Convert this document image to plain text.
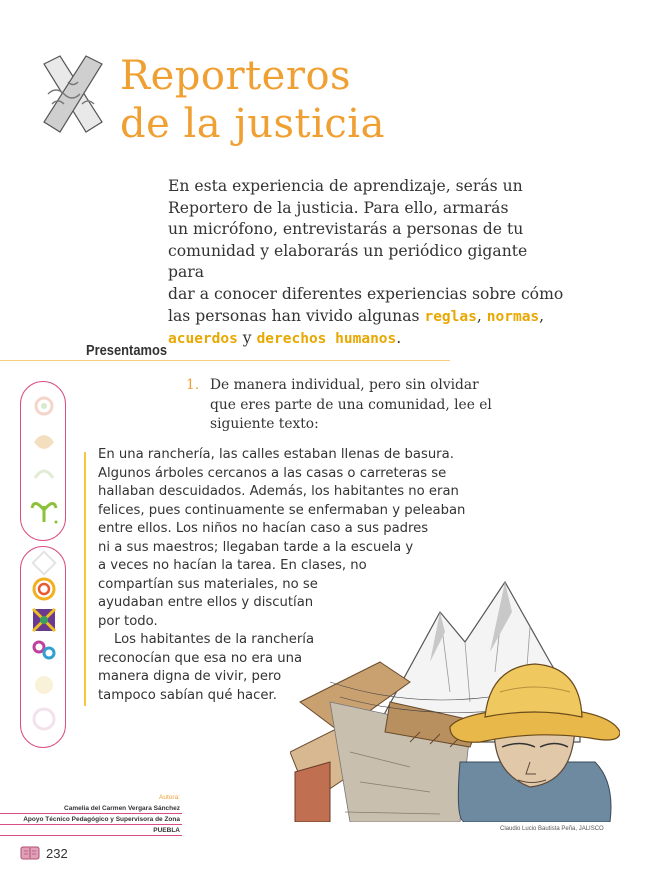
Reporteros
de la justicia
En esta experiencia de aprendizaje, serás un
Reportero de la justicia. Para ello, armarás
un micrófono, entrevistarás a personas de tu
comunidad y elaborarás un periódico gigante para
dar a conocer diferentes experiencias sobre cómo
las personas han vivido algunas reglas, normas,
acuerdos y derechos humanos.
Presentamos
1. De manera individual, pero sin olvidar
que eres parte de una comunidad, lee el
siguiente texto:
En una ranchería, las calles estaban llenas de basura.
Algunos árboles cercanos a las casas o carreteras se
hallaban descuidados. Además, los habitantes no eran
felices, pues continuamente se enfermaban y peleaban
entre ellos. Los niños no hacían caso a sus padres
ni a sus maestros; llegaban tarde a la escuela y
a veces no hacían la tarea. En clases, no
compartían sus materiales, no se
ayudaban entre ellos y discutían
por todo.
Los habitantes de la ranchería
reconocían que esa no era una
manera digna de vivir, pero
tampoco sabían qué hacer.
Claudio Lucio Bautista Peña, JALISCO
Autora:
Camelia del Carmen Vergara Sánchez
Apoyo Técnico Pedagógico y Supervisora de Zona
PUEBLA
232
